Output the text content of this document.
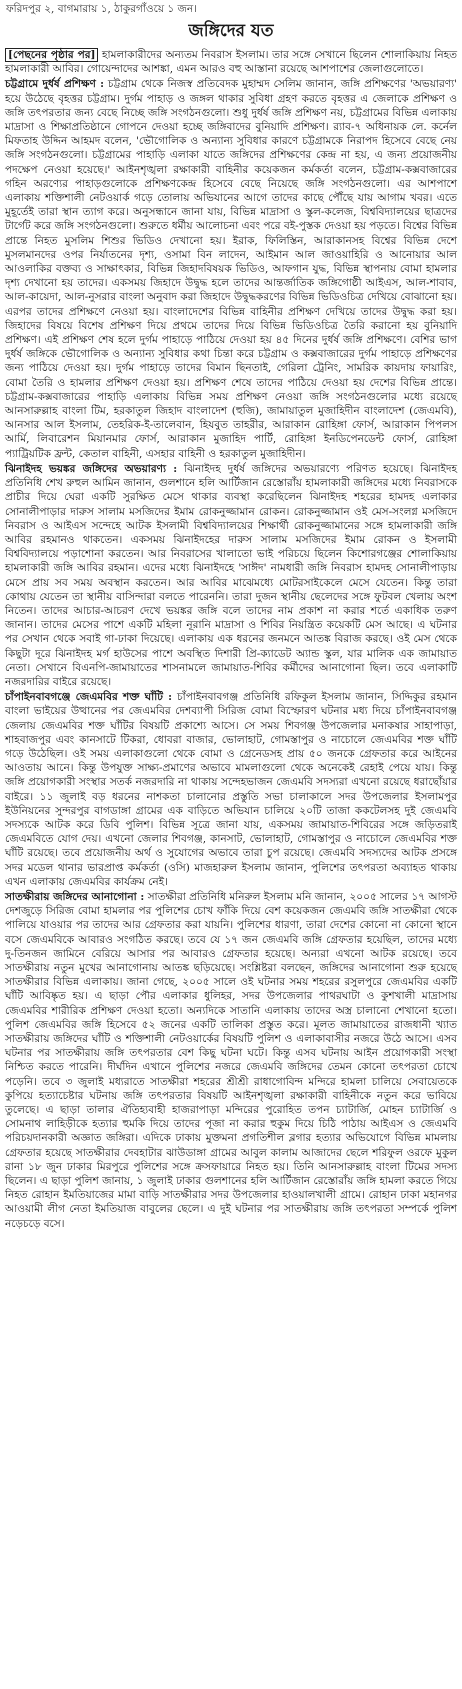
ফরিদপুর ২, বাগমারায় ১, ঠাকুরগাঁওয়ে ১ জন।
জঙ্গিদের যত

[পেছনের পৃষ্ঠার পর] হামলাকারীদের অন্যতম নিবরাস ইসলাম। তার সঙ্গে সেখানে ছিলেন শোলাকিয়ায় নিহত হামলাকারী আবির। গোয়েন্দাদের আশঙ্কা, এমন আরও বহু আস্তানা রয়েছে আশপাশের জেলাগুলোতে।

চট্টগ্রামে দুর্ধর্ষ প্রশিক্ষণ : চট্টগ্রাম থেকে নিজস্ব প্রতিবেদক মুহাম্মদ সেলিম জানান, জঙ্গি প্রশিক্ষণের 'অভয়ারণ্য' হয়ে উঠেছে বৃহত্তর চট্টগ্রাম। দুর্গম পাহাড় ও জঙ্গল থাকার সুবিধা গ্রহণ করতে বৃহত্তর এ জেলাকে প্রশিক্ষণ ও জঙ্গি তৎপরতার জন্য বেছে নিচ্ছে জঙ্গি সংগঠনগুলো। শুধু দুর্ধর্ষ জঙ্গি প্রশিক্ষণ নয়, চট্টগ্রামের বিভিন্ন এলাকায় মাদ্রাসা ও শিক্ষাপ্রতিষ্ঠানে গোপনে দেওয়া হচ্ছে জঙ্গিবাদের বুনিয়াদি প্রশিক্ষণ। র‍্যাব-৭ অধিনায়ক লে. কর্নেল মিফতাহ উদ্দিন আহমদ বলেন, 'ভৌগোলিক ও অন্যান্য সুবিধার কারণে চট্টগ্রামকে নিরাপদ হিসেবে বেছে নেয় জঙ্গি সংগঠনগুলো। চট্টগ্রামের পাহাড়ি এলাকা যাতে জঙ্গিদের প্রশিক্ষণের কেন্দ্র না হয়, এ জন্য প্রয়োজনীয় পদক্ষেপ নেওয়া হয়েছে।' আইনশৃঙ্খলা রক্ষাকারী বাহিনীর কয়েকজন কর্মকর্তা বলেন, চট্টগ্রাম-কক্সবাজারের গহিন অরণ্যের পাহাড়গুলোকে প্রশিক্ষণকেন্দ্র হিসেবে বেছে নিয়েছে জঙ্গি সংগঠনগুলো। এর আশপাশে এলাকায় শক্তিশালী নেটওয়ার্ক গড়ে তোলায় অভিযানের আগে তাদের কাছে পৌঁছে যায় আগাম খবর। এতে মুহূর্তেই তারা স্থান ত্যাগ করে। অনুসন্ধানে জানা যায়, বিভিন্ন মাদ্রাসা ও স্কুল-কলেজ, বিশ্ববিদ্যালয়ের ছাত্রদের টার্গেট করে জঙ্গি সংগঠনগুলো। শুরুতে ধর্মীয় আলোচনা এবং পরে বই-পুস্তক দেওয়া হয় পড়তে। বিশ্বের বিভিন্ন প্রান্তে নিহত মুসলিম শিশুর ভিডিও দেখানো হয়। ইরাক, ফিলিস্তিন, আরাকানসহ বিশ্বের বিভিন্ন দেশে মুসলমানদের ওপর নির্যাতনের দৃশ্য, ওসামা বিন লাদেন, আইমান আল জাওয়াহিরি ও আনোয়ার আল আওলাকির বক্তব্য ও সাক্ষাৎকার, বিভিন্ন জিহাদবিষয়ক ভিডিও, আফগান যুদ্ধ, বিভিন্ন স্থাপনায় বোমা হামলার দৃশ্য দেখানো হয় তাদের। একসময় জিহাদে উদ্বুদ্ধ হলে তাদের আন্তর্জাতিক জঙ্গিগোষ্ঠী আইএস, আল-শাবাব, আল-কায়েদা, আল-নুসরার বাংলা অনুবাদ করা জিহাদে উদ্বুদ্ধকরণের বিভিন্ন ভিডিওচিত্র দেখিয়ে বোঝানো হয়। এরপর তাদের প্রশিক্ষণে নেওয়া হয়। বাংলাদেশের বিভিন্ন বাহিনীর প্রশিক্ষণ দেখিয়ে তাদের উদ্বুদ্ধ করা হয়। জিহাদের বিষয়ে বিশেষ প্রশিক্ষণ দিয়ে প্রথমে তাদের দিয়ে বিভিন্ন ভিডিওচিত্র তৈরি করানো হয় বুনিয়াদি প্রশিক্ষণ। এই প্রশিক্ষণ শেষ হলে দুর্গম পাহাড়ে পাঠিয়ে দেওয়া হয় ৪৫ দিনের দুর্ধর্ষ জঙ্গি প্রশিক্ষণে। বেশির ভাগ দুর্ধর্ষ জঙ্গিকে ভৌগোলিক ও অন্যান্য সুবিধার কথা চিন্তা করে চট্টগ্রাম ও কক্সবাজারের দুর্গম পাহাড়ে প্রশিক্ষণের জন্য পাঠিয়ে দেওয়া হয়। দুর্গম পাহাড়ে তাদের বিমান ছিনতাই, গেরিলা ট্রেনিং, সামরিক কায়দায় ফায়ারিং, বোমা তৈরি ও হামলার প্রশিক্ষণ দেওয়া হয়। প্রশিক্ষণ শেষে তাদের পাঠিয়ে দেওয়া হয় দেশের বিভিন্ন প্রান্তে। চট্টগ্রাম-কক্সবাজারের পাহাড়ি এলাকায় বিভিন্ন সময় প্রশিক্ষণ নেওয়া জঙ্গি সংগঠনগুলোর মধ্যে রয়েছে আনসারুল্লাহ বাংলা টিম, হরকাতুল জিহাদ বাংলাদেশ (হুজি), জামায়াতুল মুজাহিদীন বাংলাদেশ (জেএমবি), আনসার আল ইসলাম, তেহরিক-ই-তালেবান, হিযবুত তাহরীর, আরাকান রোহিঙ্গা ফোর্স, আরাকান পিপলস আর্মি, লিবারেশন মিয়ানমার ফোর্স, আরাকান মুজাহিদ পার্টি, রোহিঙ্গা ইনডিপেনডেন্ট ফোর্স, রোহিঙ্গা প্যাট্রিয়টিক ফ্রন্ট, কেতাল বাহিনী, এসহার বাহিনী ও হরকাতুল মুজাহিদীন।

ঝিনাইদহ ভয়ঙ্কর জঙ্গিদের অভয়ারণ্য : ঝিনাইদহ দুর্ধর্ষ জঙ্গিদের অভয়ারণ্যে পরিণত হয়েছে। ঝিনাইদহ প্রতিনিধি শেখ রুহুল আমিন জানান, গুলশানে হলি আর্টিজান রেস্তোরাঁয় হামলাকারী জঙ্গিদের মধ্যে নিবরাসকে প্রাচীর দিয়ে ঘেরা একটি সুরক্ষিত মেসে থাকার ব্যবস্থা করেছিলেন ঝিনাইদহ শহরের হামদহ এলাকার সোনালীপাড়ার দারুস সালাম মসজিদের ইমাম রোকনুজ্জামান রোকন। রোকনুজ্জামান ওই মেস-সংলগ্ন মসজিদে নিবরাস ও আইএস সন্দেহে আটক ইসলামী বিশ্ববিদ্যালয়ের শিক্ষার্থী রোকনুজ্জামানের সঙ্গে হামলাকারী জঙ্গি আবির রহমানও থাকতেন। একসময় ঝিনাইদহের দারুস সালাম মসজিদের ইমাম রোকন ও ইসলামী বিশ্ববিদ্যালয়ে পড়াশোনা করতেন। আর নিবরাসের খালাতো ভাই পরিচয়ে ছিলেন কিশোরগঞ্জের শোলাকিয়ায় হামলাকারী জঙ্গি আবির রহমান। এদের মধ্যে ঝিনাইদহে 'সাঈদ' নামধারী জঙ্গি নিবরাস হামদহ সোনালীপাড়ায় মেসে প্রায় সব সময় অবস্থান করতেন। আর আবির মাঝেমধ্যে মোটরসাইকেলে মেসে যেতেন। কিন্তু তারা কোথায় যেতেন তা স্থানীয় বাসিন্দারা বলতে পারেননি। তারা দুজন স্থানীয় ছেলেদের সঙ্গে ফুটবল খেলায় অংশ নিতেন। তাদের আচার-আচরণ দেখে ভয়ঙ্কর জঙ্গি বলে তাদের নাম প্রকাশ না করার শর্তে একাধিক তরুণ জানান। তাদের মেসের পাশে একটি মহিলা নূরানি মাদ্রাসা ও শিবির নিয়ন্ত্রিত কয়েকটি মেস আছে। এ ঘটনার পর সেখান থেকে সবাই গা-ঢাকা দিয়েছে। এলাকায় এক ধরনের জনমনে আতঙ্ক বিরাজ করছে। ওই মেস থেকে কিছুটা দূরে ঝিনাইদহ মর্গ হাউসের পাশে অবস্থিত দিশারী প্রি-ক্যাডেট অ্যান্ড স্কুল, যার মালিক এক জামায়াত নেতা। সেখানে বিএনপি-জামায়াতের শাসনামলে জামায়াত-শিবির কর্মীদের আনাগোনা ছিল। তবে এলাকাটি নজরদারির বাইরে রয়েছে।

চাঁপাইনবাবগঞ্জে জেএমবির শক্ত ঘাঁটি : চাঁপাইনবাবগঞ্জ প্রতিনিধি রফিকুল ইসলাম জানান, সিদ্দিকুর রহমান বাংলা ভাইয়ের উত্থানের পর জেএমবির দেশব্যাপী সিরিজ বোমা বিস্ফোরণ ঘটনার মধ্য দিয়ে চাঁপাইনবাবগঞ্জ জেলায় জেএমবির শক্ত ঘাঁটির বিষয়টি প্রকাশ্যে আসে। সে সময় শিবগঞ্জ উপজেলার মনাকষার সাহাপাড়া, শাহবাজপুর এবং কানসাটে টিকরা, ধোবরা বাজার, ভোলাহাট, গোমস্তাপুর ও নাচোলে জেএমবির শক্ত ঘাঁটি গড়ে উঠেছিল। ওই সময় এলাকাগুলো থেকে বোমা ও গ্রেনেডসহ প্রায় ৫০ জনকে গ্রেফতার করে আইনের আওতায় আনে। কিন্তু উপযুক্ত সাক্ষ্য-প্রমাণের অভাবে মামলাগুলো থেকে অনেকেই রেহাই পেয়ে যায়। কিন্তু জঙ্গি প্রয়োগকারী সংস্থার সতর্ক নজরদারি না থাকায় সন্দেহভাজন জেএমবি সদস্যরা এখনো রয়েছে ধরাছোঁয়ার বাইরে। ১১ জুলাই বড় ধরনের নাশকতা চালানোর প্রস্তুতি সভা চালাকালে সদর উপজেলার ইসলামপুর ইউনিয়নের সুন্দরপুর বাগডাঙ্গা গ্রামের এক বাড়িতে অভিযান চালিয়ে ২০টি তাজা ককটেলসহ দুই জেএমবি সদস্যকে আটক করে ডিবি পুলিশ। বিভিন্ন সূত্রে জানা যায়, একসময় জামায়াত-শিবিরের সঙ্গে জড়িতরাই জেএমবিতে যোগ দেয়। এখনো জেলার শিবগঞ্জ, কানসাট, ভোলাহাট, গোমস্তাপুর ও নাচোলে জেএমবির শক্ত ঘাঁটি রয়েছে। তবে প্রয়োজনীয় অর্থ ও সুযোগের অভাবে তারা চুপ রয়েছে। জেএমবি সদস্যদের আটক প্রসঙ্গে সদর মডেল থানার ভারপ্রাপ্ত কর্মকর্তা (ওসি) মাজহারুল ইসলাম জানান, পুলিশের তৎপরতা অব্যাহত থাকায় এখন এলাকায় জেএমবির কার্যক্রম নেই।

সাতক্ষীরায় জঙ্গিদের আনাগোনা : সাতক্ষীরা প্রতিনিধি মনিরুল ইসলাম মনি জানান, ২০০৫ সালের ১৭ আগস্ট দেশজুড়ে সিরিজ বোমা হামলার পর পুলিশের চোখ ফাঁকি দিয়ে বেশ কয়েকজন জেএমবি জঙ্গি সাতক্ষীরা থেকে পালিয়ে যাওয়ার পর তাদের আর গ্রেফতার করা যায়নি। পুলিশের ধারণা, তারা দেশের কোনো না কোনো স্থানে বসে জেএমবিকে আবারও সংগঠিত করছে। তবে যে ১৭ জন জেএমবি জঙ্গি গ্রেফতার হয়েছিল, তাদের মধ্যে দু-তিনজন জামিনে বেরিয়ে আসার পর আবারও গ্রেফতার হয়েছে। অন্যরা এখনো আটক রয়েছে। তবে সাতক্ষীরায় নতুন মুখের আনাগোনায় আতঙ্ক ছড়িয়েছে। সংশ্লিষ্টরা বলছেন, জঙ্গিদের আনাগোনা শুরু হয়েছে সাতক্ষীরার বিভিন্ন এলাকায়। জানা গেছে, ২০০৫ সালে ওই ঘটনার সময় শহরের রসুলপুরে জেএমবির একটি ঘাঁটি আবিষ্কৃত হয়। এ ছাড়া পৌর এলাকার ধুলিহর, সদর উপজেলার পাথরঘাটা ও কুশখালী মাদ্রাসায় জেএমবির শারীরিক প্রশিক্ষণ দেওয়া হতো। অন্যদিকে সাতানি এলাকায় তাদের অস্ত্র চালানো শেখানো হতো। পুলিশ জেএমবির জঙ্গি হিসেবে ৫২ জনের একটি তালিকা প্রস্তুত করে। মূলত জামায়াতের রাজধানী খ্যাত সাতক্ষীরায় জঙ্গিদের ঘাঁটি ও শক্তিশালী নেটওয়ার্কের বিষয়টি পুলিশ ও এলাকাবাসীর নজরে উঠে আসে। এসব ঘটনার পর সাতক্ষীরায় জঙ্গি তৎপরতার বেশ কিছু ঘটনা ঘটে। কিন্তু এসব ঘটনায় আইন প্রয়োগকারী সংস্থা নিশ্চিত করতে পারেনি। দীর্ঘদিন এখানে পুলিশের নজরে জেএমবি জঙ্গিদের তেমন কোনো তৎপরতা চোখে পড়েনি। তবে ৩ জুলাই মধ্যরাতে সাতক্ষীরা শহরের শ্রীশ্রী রাধাগোবিন্দ মন্দিরে হামলা চালিয়ে সেবায়েতকে কুপিয়ে হত্যাচেষ্টার ঘটনায় জঙ্গি তৎপরতার বিষয়টি আইনশৃঙ্খলা রক্ষাকারী বাহিনীকে নতুন করে ভাবিয়ে তুলেছে। এ ছাড়া তালার ঐতিহ্যবাহী হাজরাপাড়া মন্দিরের পুরোহিত তপন চ্যাটার্জি, মোহন চ্যাটার্জি ও সোমনাথ লাহিড়ীকে হত্যার হুমকি দিয়ে তাদের পূজা না করার হুকুম দিয়ে চিঠি পাঠায় আইএস ও জেএমবি পরিচয়দানকারী অজ্ঞাত জঙ্গিরা। এদিকে ঢাকায় মুক্তমনা প্রগতিশীল ব্লগার হত্যার অভিযোগে বিভিন্ন মামলায় গ্রেফতার হয়েছে সাতক্ষীরার দেবহাটার ঝাউডাঙ্গা গ্রামের আবুল কালাম আজাদের ছেলে শরিফুল ওরফে মুকুল রানা ১৮ জুন ঢাকার মিরপুরে পুলিশের সঙ্গে ক্রসফায়ারে নিহত হয়। তিনি আনসারুল্লাহ বাংলা টিমের সদস্য ছিলেন। এ ছাড়া পুলিশ জানায়, ১ জুলাই ঢাকার গুলশানের হলি আর্টিজান রেস্তোরাঁয় জঙ্গি হামলা করতে গিয়ে নিহত রোহান ইমতিয়াজের মামা বাড়ি সাতক্ষীরার সদর উপজেলার হাওয়ালখালী গ্রামে। রোহান ঢাকা মহানগর আওয়ামী লীগ নেতা ইমতিয়াজ বাবুলের ছেলে। এ দুই ঘটনার পর সাতক্ষীরায় জঙ্গি তৎপরতা সম্পর্কে পুলিশ নড়েচড়ে বসে।
